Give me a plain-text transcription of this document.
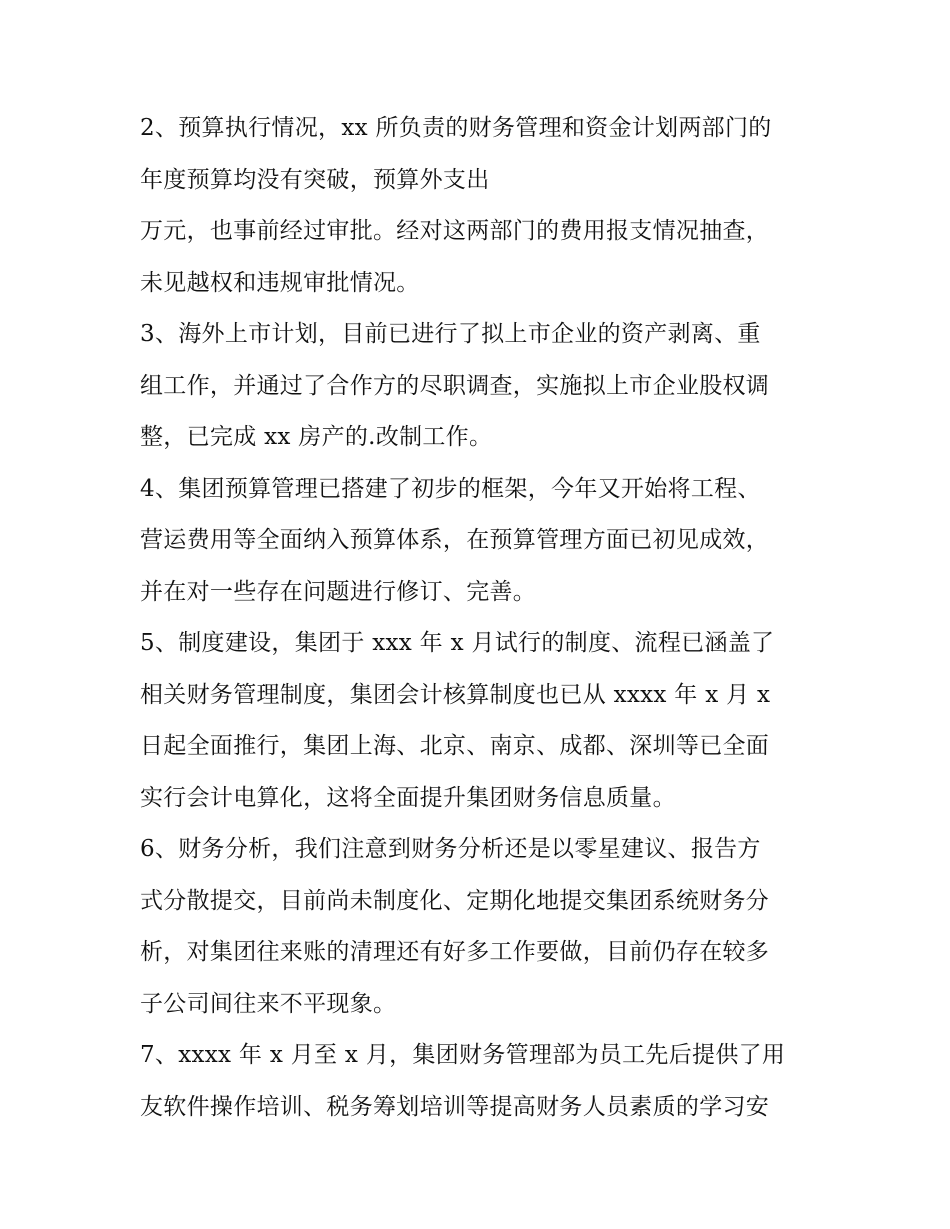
2、预算执行情况，xx 所负责的财务管理和资金计划两部门的
年度预算均没有突破，预算外支出
万元，也事前经过审批。经对这两部门的费用报支情况抽查，
未见越权和违规审批情况。
3、海外上市计划，目前已进行了拟上市企业的资产剥离、重
组工作，并通过了合作方的尽职调查，实施拟上市企业股权调
整，已完成 xx 房产的.改制工作。
4、集团预算管理已搭建了初步的框架，今年又开始将工程、
营运费用等全面纳入预算体系，在预算管理方面已初见成效，
并在对一些存在问题进行修订、完善。
5、制度建设，集团于 xxx 年 x 月试行的制度、流程已涵盖了
相关财务管理制度，集团会计核算制度也已从 xxxx 年 x 月 x
日起全面推行，集团上海、北京、南京、成都、深圳等已全面
实行会计电算化，这将全面提升集团财务信息质量。
6、财务分析，我们注意到财务分析还是以零星建议、报告方
式分散提交，目前尚未制度化、定期化地提交集团系统财务分
析，对集团往来账的清理还有好多工作要做，目前仍存在较多
子公司间往来不平现象。
7、xxxx 年 x 月至 x 月，集团财务管理部为员工先后提供了用
友软件操作培训、税务筹划培训等提高财务人员素质的学习安
